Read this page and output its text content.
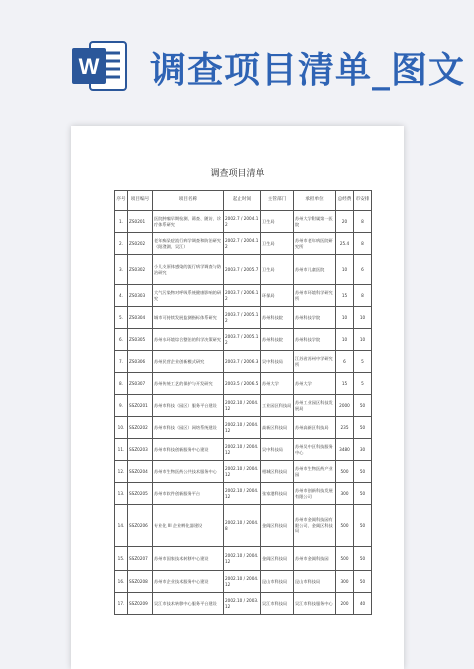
W 调查项目清单_图文
调查项目清单
序号	项目编号	项目名称	起止时间	主管部门	承担单位	总经费	市安排
1.	ZS0201	医院肿瘤早期检测、筛查、随访、诊疗体系研究	2002.7 / 2004.12	卫生局	苏州大学附属第一医院	20	8
2.	ZS0202	老年痴呆症流行病学调查和防治研究（阳澄湖、吴江）	2002.7 / 2004.12	卫生局	苏州市老年病医院研究所	25.4	8
3.	ZS0302	小儿支原体感染的流行病学调查与防治研究	2003.7 / 2005.7	卫生局	苏州市儿童医院	10	6
4.	ZS0303	大气污染物对呼吸系统健康影响的研究	2003.7 / 2006.12	环保局	苏州市环境科学研究所	15	8
5.	ZS0304	城市可持续发展监测指标体系研究	2003.7 / 2005.12	苏州科技院	苏州科技学院	10	10
6.	ZS0305	苏州水环境综合整治的科学决策研究	2003.7 / 2005.12	苏州科技院	苏州科技学院	10	10
7.	ZS0306	苏州民营企业创新模式研究	2003.7 / 2006.3	吴中科技局	江苏省苏州中学研究所	6	5
8.	ZS0307	苏州传统工艺的保护与开发研究	2003.5 / 2006.5	苏州大学	苏州大学	15	5
9.	SSZ0201	苏州市科技（园区）服务平台建设	2002.10 / 2004.12	工业园区科技局	苏州工业园区科技发展局	2000	50
10.	SSZ0202	苏州市科技（园区）网络系统建设	2002.10 / 2004.12	高新区科技局	苏州高新区科技局	235	50
11.	SSZ0203	苏州市科技创新服务中心建设	2002.10 / 2004.12	吴中科技局	苏州吴中区科技服务中心	3480	30
12.	SSZ0204	苏州市生物医药公共技术服务中心	2002.10 / 2004.12	相城区科技局	苏州市生物医药产业园	500	50
13.	SSZ0205	苏州市软件创新服务平台	2002.10 / 2004.12	张家港科技局	苏州市创新科技发展有限公司	300	50
14.	SSZ0206	专业化 III 企业孵化器建设	2002.10 / 2004.8	金阊区科技局	苏州市金阊科技园有限公司、金阊区科技局	500	50
15.	SSZ0207	苏州市国家技术转移中心建设	2002.10 / 2004.12	金阊区科技局	苏州市金阊科技园	500	50
16.	SSZ0208	苏州市企业技术服务中心建设	2002.10 / 2004.12	昆山市科技局	昆山市科技局	300	50
17.	SSZ0209	吴江市技术转移中心服务平台建设	2002.10 / 2003.12	吴江市科技局	吴江市科技服务中心	200	40
